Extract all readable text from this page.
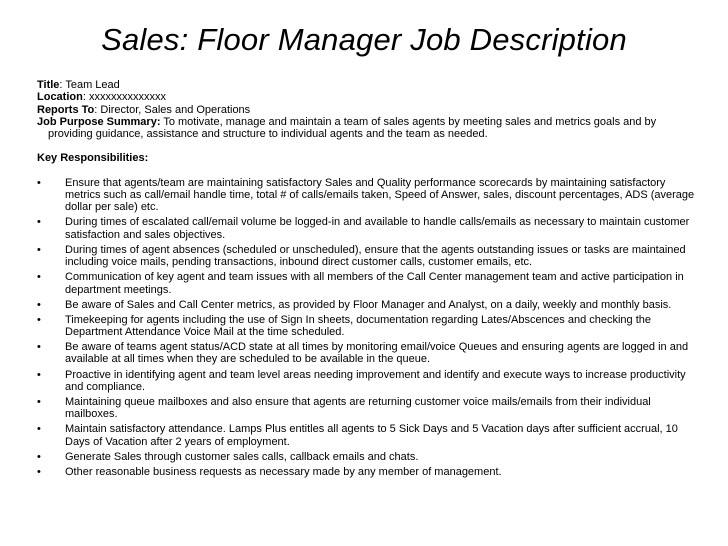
Sales: Floor Manager Job Description

Title: Team Lead

Location: xxxxxxxxxxxxxx

Reports To: Director, Sales and Operations

Job Purpose Summary: To motivate, manage and maintain a team of sales agents by meeting sales and metrics goals and by providing guidance, assistance and structure to individual agents and the team as needed.

Key Responsibilities:

• Ensure that agents/team are maintaining satisfactory Sales and Quality performance scorecards by maintaining satisfactory metrics such as call/email handle time, total # of calls/emails taken, Speed of Answer, sales, discount percentages, ADS (average dollar per sale) etc.
• During times of escalated call/email volume be logged-in and available to handle calls/emails as necessary to maintain customer satisfaction and sales objectives.
• During times of agent absences (scheduled or unscheduled), ensure that the agents outstanding issues or tasks are maintained including voice mails, pending transactions, inbound direct customer calls, customer emails, etc.
• Communication of key agent and team issues with all members of the Call Center management team and active participation in department meetings.
• Be aware of Sales and Call Center metrics, as provided by Floor Manager and Analyst, on a daily, weekly and monthly basis.
• Timekeeping for agents including the use of Sign In sheets, documentation regarding Lates/Abscences and checking the Department Attendance Voice Mail at the time scheduled.
• Be aware of teams agent status/ACD state at all times by monitoring email/voice Queues and ensuring agents are logged in and available at all times when they are scheduled to be available in the queue.
• Proactive in identifying agent and team level areas needing improvement and identify and execute ways to increase productivity and compliance.
• Maintaining queue mailboxes and also ensure that agents are returning customer voice mails/emails from their individual mailboxes.
• Maintain satisfactory attendance. Lamps Plus entitles all agents to 5 Sick Days and 5 Vacation days after sufficient accrual, 10 Days of Vacation after 2 years of employment.
• Generate Sales through customer sales calls, callback emails and chats.
• Other reasonable business requests as necessary made by any member of management.
